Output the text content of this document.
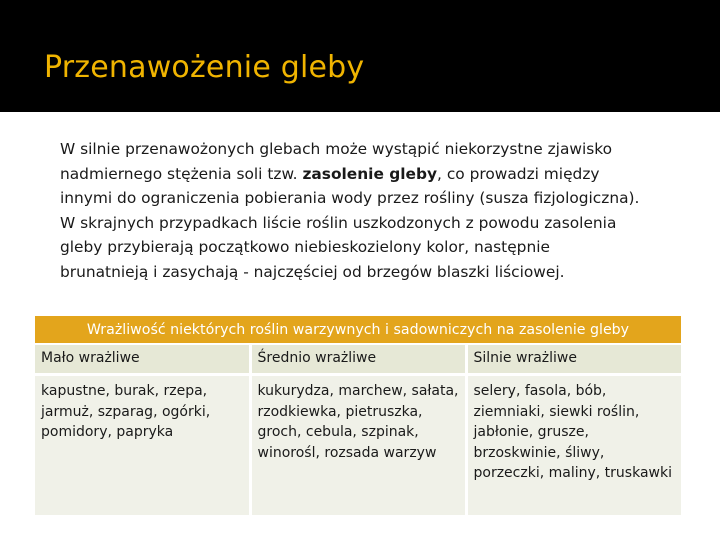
Przenawożenie gleby
W silnie przenawożonych glebach może wystąpić niekorzystne zjawisko
nadmiernego stężenia soli tzw. zasolenie gleby, co prowadzi między
innymi do ograniczenia pobierania wody przez rośliny (susza fizjologiczna).
W skrajnych przypadkach liście roślin uszkodzonych z powodu zasolenia
gleby przybierają początkowo niebieskozielony kolor, następnie
brunatnieją i zasychają - najczęściej od brzegów blaszki liściowej.
Wrażliwość niektórych roślin warzywnych i sadowniczych na zasolenie gleby		
Mało wrażliwe	Średnio wrażliwe	Silnie wrażliwe
kapustne, burak, rzepa, jarmuż, szparag, ogórki, pomidory, papryka	kukurydza, marchew, sałata, rzodkiewka, pietruszka, groch, cebula, szpinak, winorośl, rozsada warzyw	selery, fasola, bób, ziemniaki, siewki roślin, jabłonie, grusze, brzoskwinie, śliwy, porzeczki, maliny, truskawki
